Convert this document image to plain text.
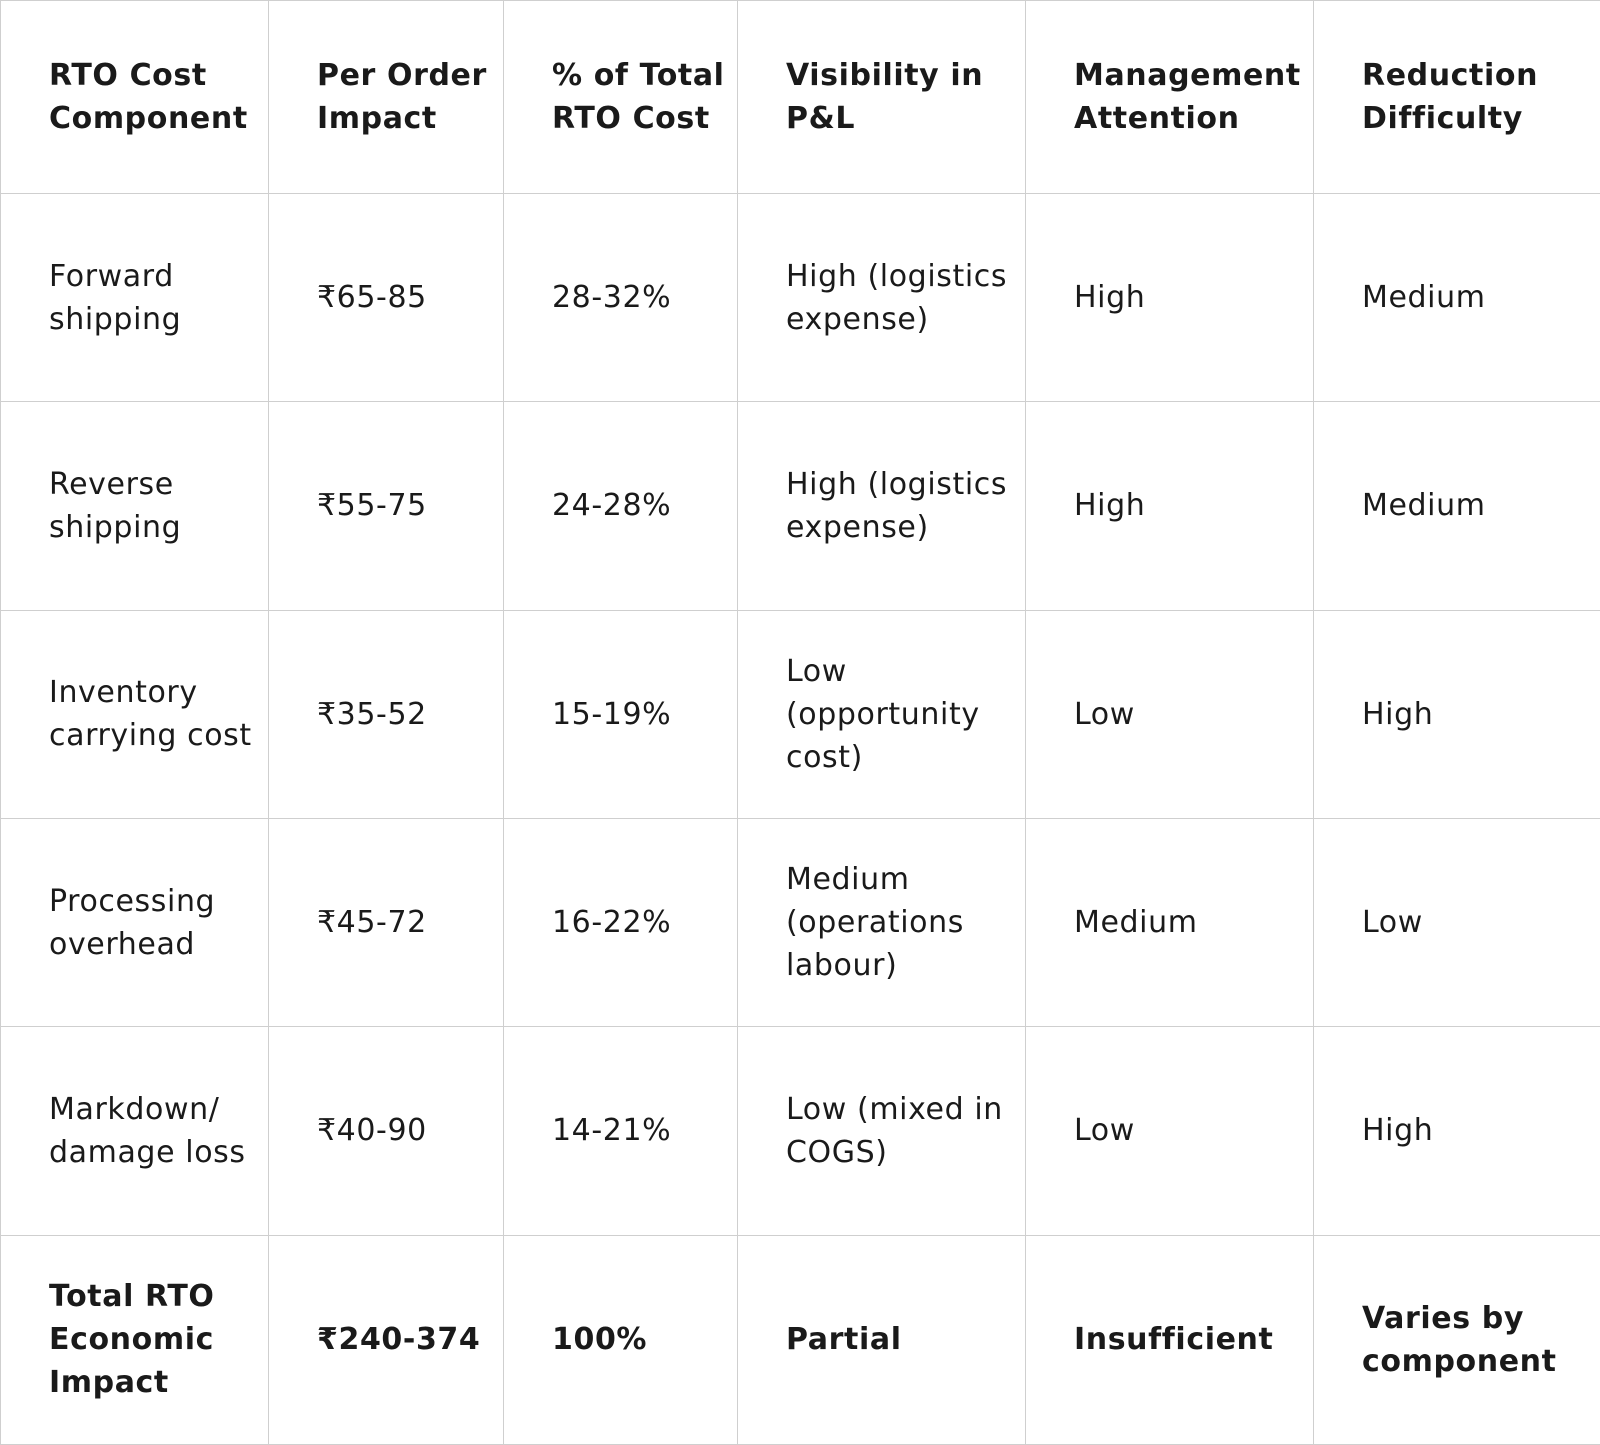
RTO Cost Component	Per Order Impact	% of Total RTO Cost	Visibility in P&L	Management Attention	Reduction Difficulty
Forward shipping	₹65-85	28-32%	High (logistics expense)	High	Medium
Reverse shipping	₹55-75	24-28%	High (logistics expense)	High	Medium
Inventory carrying cost	₹35-52	15-19%	Low (opportunity cost)	Low	High
Processing overhead	₹45-72	16-22%	Medium (operations labour)	Medium	Low
Markdown/ damage loss	₹40-90	14-21%	Low (mixed in COGS)	Low	High
Total RTO Economic Impact	₹240-374	100%	Partial	Insufficient	Varies by component
